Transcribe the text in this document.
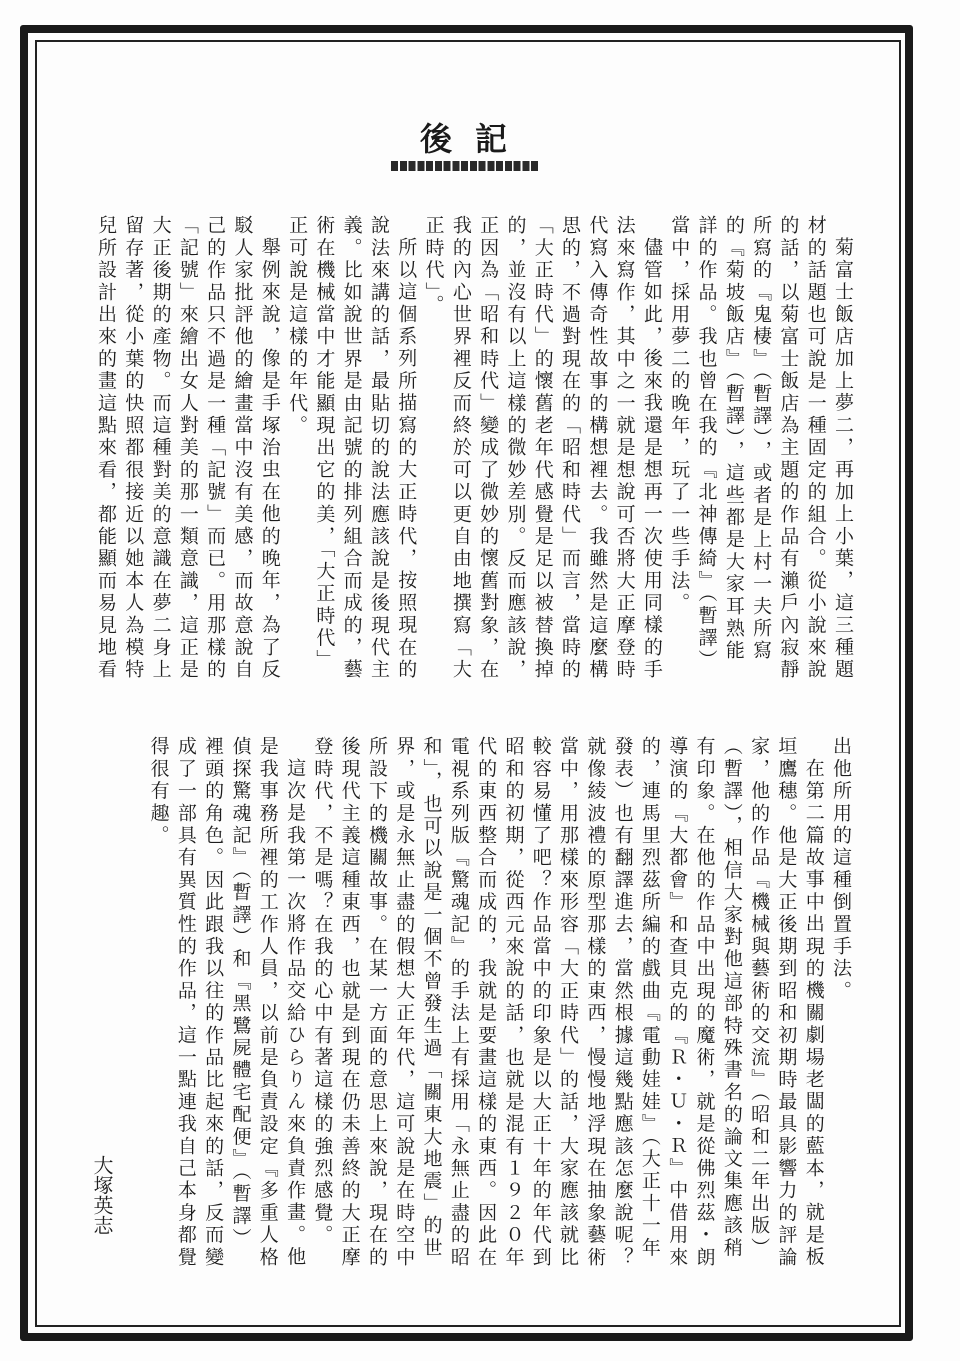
後記
菊富士飯店加上夢二，再加上小葉，這三種題
材的話題也可說是一種固定的組合。從小說來說
的話，以菊富士飯店為主題的作品有瀨戶內寂靜
所寫的『鬼棲』（暫譯），或者是上村一夫所寫
的『菊坡飯店』（暫譯），這些都是大家耳熟能
詳的作品。我也曾在我的『北神傳綺』（暫譯）
當中，採用夢二的晚年，玩了一些手法。
儘管如此，後來我還是想再一次使用同樣的手
法來寫作，其中之一就是想說可否將大正摩登時
代寫入傳奇性故事的構想裡去。我雖然是這麼構
思的，不過對現在的「昭和時代」而言，當時的
「大正時代」的懷舊老年代感覺是足以被替換掉
的，並沒有以上這樣的微妙差別。反而應該說，
正因為「昭和時代」變成了微妙的懷舊對象，在
我的內心世界裡反而終於可以更自由地撰寫「大
正時代」。
所以這個系列所描寫的大正時代，按照現在的
說法來講的話，最貼切的說法應該說是後現代主
義。比如說世界是由記號的排列組合而成的，藝
術在機械當中才能顯現出它的美，「大正時代」
正可說是這樣的年代。
舉例來說，像是手塚治虫在他的晚年，為了反
駁人家批評他的繪畫當中沒有美感，而故意說自
己的作品只不過是一種「記號」而已。用那樣的
「記號」來繪出女人對美的那一類意識，這正是
大正後期的產物。而這種對美的意識在夢二身上
留存著，從小葉的快照都很接近以她本人為模特
兒所設計出來的畫這點來看，都能顯而易見地看
出他所用的這種倒置手法。
在第二篇故事中出現的機關劇場老闆的藍本，就是板
垣鷹穗。他是大正後期到昭和初期時最具影響力的評論
家，他的作品『機械與藝術的交流』（昭和二年出版）
（暫譯），相信大家對他這部特殊書名的論文集應該稍
有印象。在他的作品中出現的魔術，就是從佛烈茲・朗
導演的『大都會』和查貝克的『Ｒ・Ｕ・Ｒ』中借用來
的，連馬里烈茲所編的戲曲『電動娃娃』（大正十一年
發表）也有翻譯進去，當然根據這幾點應該怎麼說呢？
就像綾波禮的原型那樣的東西，慢慢地浮現在抽象藝術
當中，用那樣來形容「大正時代」的話，大家應該就比
較容易懂了吧？作品當中的印象是以大正十年的年代到
昭和的初期，從西元來說的話，也就是混有１９２０年
代的東西整合而成的，我就是要畫這樣的東西。因此在
電視系列版『驚魂記』的手法上有採用「永無止盡的昭
和」，也可以說是一個不曾發生過「關東大地震」的世
界，或是永無止盡的假想大正年代，這可說是在時空中
所設下的機關故事。在某一方面的意思上來說，現在的
後現代主義這種東西，也就是到現在仍未善終的大正摩
登時代，不是嗎？在我的心中有著這樣的強烈感覺。
這次是我第一次將作品交給ひらりん來負責作畫。他
是我事務所裡的工作人員，以前是負責設定『多重人格
偵探驚魂記』（暫譯）和『黑鷺屍體宅配便』（暫譯）
裡頭的角色。因此跟我以往的作品比起來的話，反而變
成了一部具有異質性的作品，這一點連我自己本身都覺
得很有趣。
大塚英志
